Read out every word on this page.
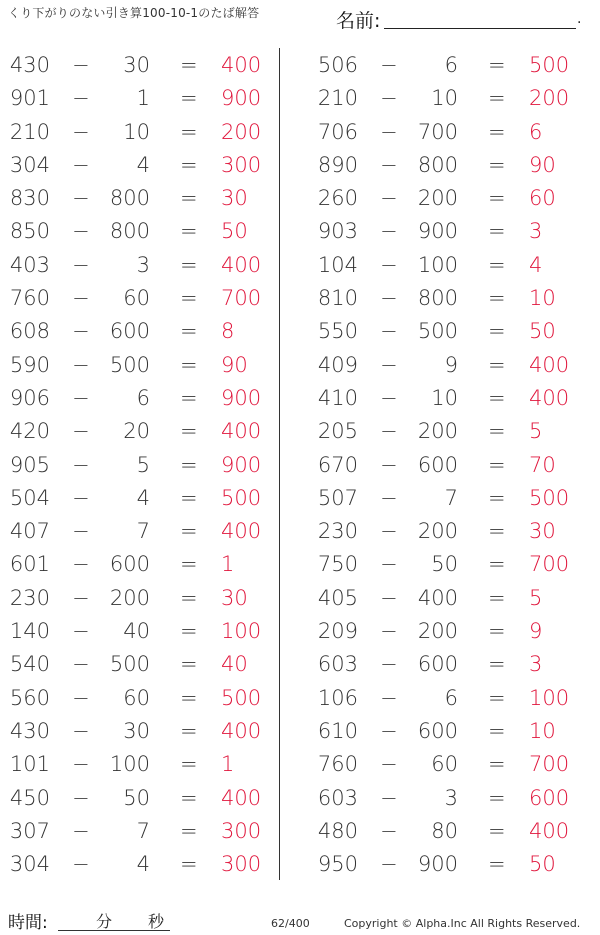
くり下がりのない引き算100-10-1のたば解答	名前:	.
430 − 30 = 400
901 − 1 = 900
210 − 10 = 200
304 − 4 = 300
830 − 800 = 30
850 − 800 = 50
403 − 3 = 400
760 − 60 = 700
608 − 600 = 8
590 − 500 = 90
906 − 6 = 900
420 − 20 = 400
905 − 5 = 900
504 − 4 = 500
407 − 7 = 400
601 − 600 = 1
230 − 200 = 30
140 − 40 = 100
540 − 500 = 40
560 − 60 = 500
430 − 30 = 400
101 − 100 = 1
450 − 50 = 400
307 − 7 = 300
304 − 4 = 300
506 − 6 = 500
210 − 10 = 200
706 − 700 = 6
890 − 800 = 90
260 − 200 = 60
903 − 900 = 3
104 − 100 = 4
810 − 800 = 10
550 − 500 = 50
409 − 9 = 400
410 − 10 = 400
205 − 200 = 5
670 − 600 = 70
507 − 7 = 500
230 − 200 = 30
750 − 50 = 700
405 − 400 = 5
209 − 200 = 9
603 − 600 = 3
106 − 6 = 100
610 − 600 = 10
760 − 60 = 700
603 − 3 = 600
480 − 80 = 400
950 − 900 = 50
時間:	分 秒	62/400	Copyright © Alpha.Inc All Rights Reserved.
